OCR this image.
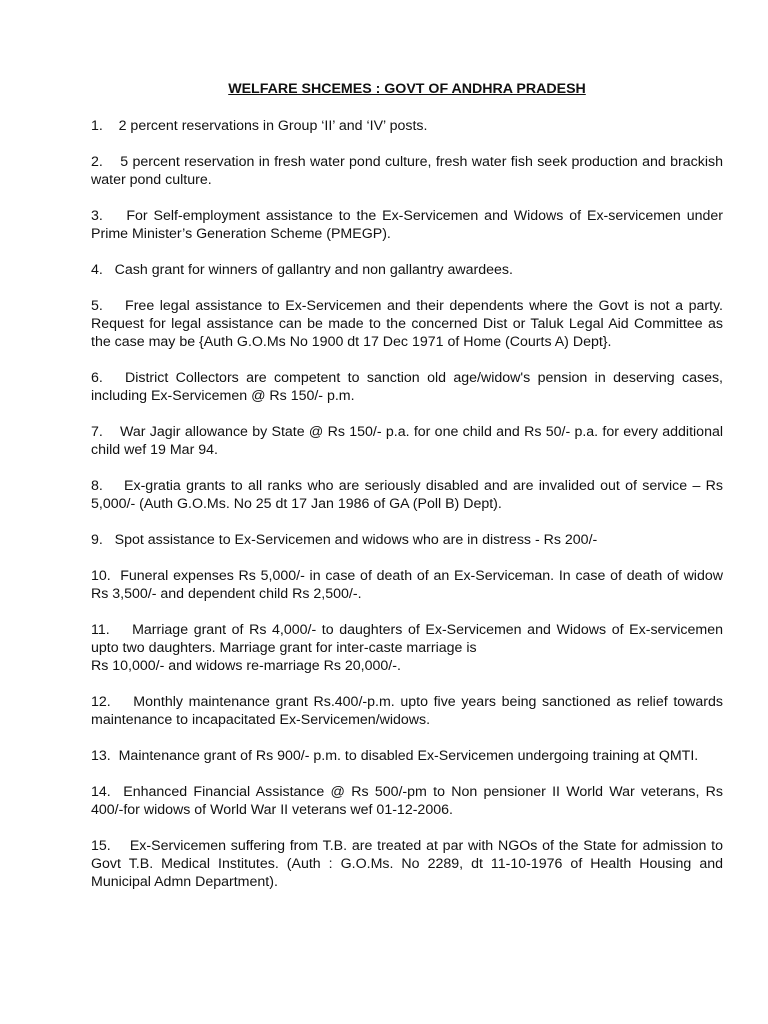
WELFARE SHCEMES : GOVT OF ANDHRA PRADESH
1.    2 percent reservations in Group ‘II’ and ‘IV’ posts.
2.    5 percent reservation in fresh water pond culture, fresh water fish seek production and brackish water pond culture.
3.    For Self-employment assistance to the Ex-Servicemen and Widows of Ex-servicemen under Prime Minister’s Generation Scheme (PMEGP).
4.   Cash grant for winners of gallantry and non gallantry awardees.
5.    Free legal assistance to Ex-Servicemen and their dependents where the Govt is not a party. Request for legal assistance can be made to the concerned Dist or Taluk Legal Aid Committee as the case may be {Auth G.O.Ms No 1900 dt 17 Dec 1971 of Home (Courts A) Dept}.
6.   District Collectors are competent to sanction old age/widow's pension in deserving cases, including Ex-Servicemen @ Rs 150/- p.m.
7.    War Jagir allowance by State @ Rs 150/- p.a. for one child and Rs 50/- p.a. for every additional child wef 19 Mar 94.
8.    Ex-gratia grants to all ranks who are seriously disabled and are invalided out of service – Rs 5,000/- (Auth G.O.Ms. No 25 dt 17 Jan 1986 of GA (Poll B) Dept).
9.   Spot assistance to Ex-Servicemen and widows who are in distress - Rs 200/-
10.  Funeral expenses Rs 5,000/- in case of death of an Ex-Serviceman. In case of death of widow Rs 3,500/- and dependent child Rs 2,500/-.
11.    Marriage grant of Rs 4,000/- to daughters of Ex-Servicemen and Widows of Ex-servicemen upto two daughters. Marriage grant for inter-caste marriage is
Rs 10,000/- and widows re-marriage Rs 20,000/-.
12.    Monthly maintenance grant Rs.400/-p.m. upto five years being sanctioned as relief towards maintenance to incapacitated Ex-Servicemen/widows.
13.  Maintenance grant of Rs 900/- p.m. to disabled Ex-Servicemen undergoing training at QMTI.
14.  Enhanced Financial Assistance @ Rs 500/-pm to Non pensioner II World War veterans, Rs 400/-for widows of World War II veterans wef 01-12-2006.
15.    Ex-Servicemen suffering from T.B. are treated at par with NGOs of the State for admission to Govt T.B. Medical Institutes. (Auth : G.O.Ms. No 2289, dt 11-10-1976 of Health Housing and Municipal Admn Department).
